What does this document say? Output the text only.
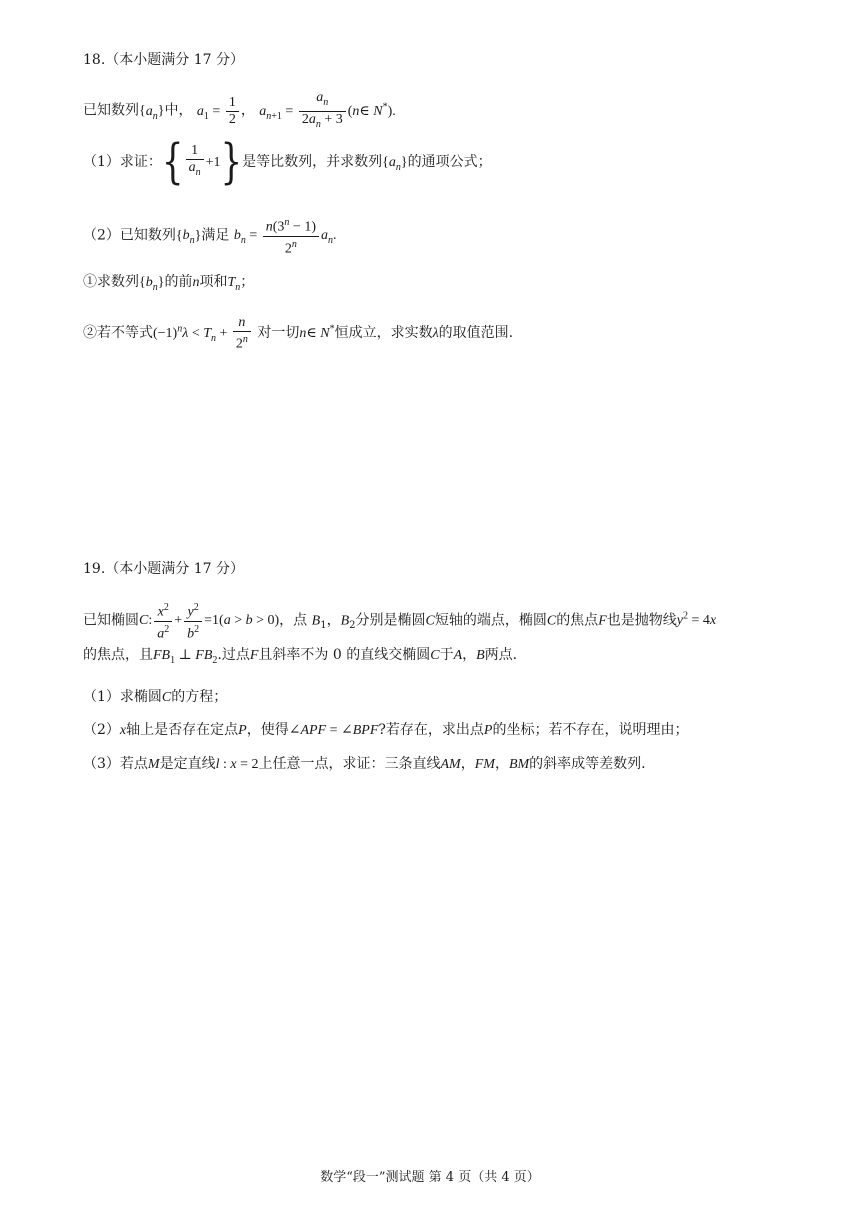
18.（本小题满分 17 分）
已知数列$\{a_n\}$中， $a_1 = \frac{1}{2}$ ， $a_{n+1} = \frac{a_n}{2a_n + 3}$ (n∈ N*).
（1）求证：{ $\frac{1}{a_n} +1$}是等比数列，并求数列$\{a_n\}$的通项公式；
（2）已知数列$\{b_n\}$满足 $b_n = \frac{n(3^n - 1)}{2^n} a_n$.
①求数列$\{b_n\}$的前n项和$T_n$；
②若不等式$(-1)^n\lambda < T_n + \frac{n}{2^n}$ 对一切n∈ N*恒成立，求实数λ的取值范围.
19.（本小题满分 17 分）
已知椭圆C: $\frac{x^2}{a^2} + \frac{y^2}{b^2} =1(a > b > 0)$，点 $B_1$，$B_2$分别是椭圆C短轴的端点，椭圆C的焦点F也是抛物线$y^2 = 4x$
的焦点，且$FB_1$ ⊥ $FB_2$.过点F且斜率不为 0 的直线交椭圆C于A，B两点.
（1）求椭圆C的方程；
（2）x轴上是否存在定点P，使得∠APF = ∠BPF?若存在，求出点P的坐标；若不存在，说明理由；
（3）若点M是定直线l : x = 2上任意一点，求证：三条直线AM，FM，BM的斜率成等差数列.
数学“段一”测试题 第 4 页（共 4 页）
